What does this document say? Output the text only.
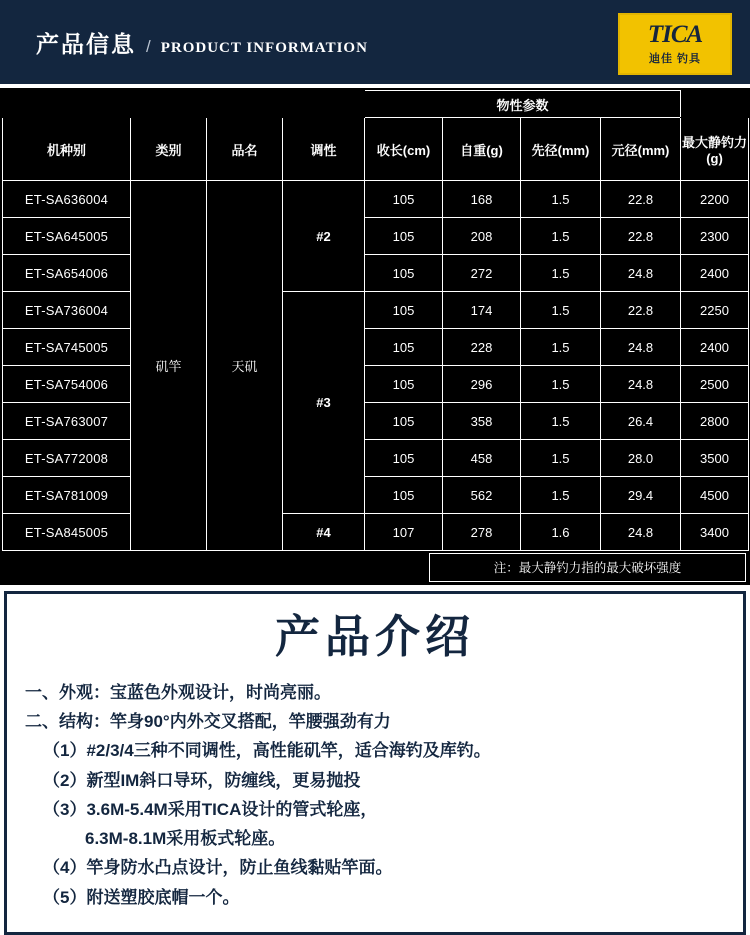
产品信息 / PRODUCT INFORMATION	TICA
迪佳 钓具
				物性参数				

机种别	类别	品名	调性	收长(cm)	自重(g)	先径(mm)	元径(mm)	最大静钓力(g)
ET-SA636004	矶竿	天矶	#2	105	168	1.5	22.8	2200
ET-SA645005				105	208	1.5	22.8	2300
ET-SA654006				105	272	1.5	24.8	2400
ET-SA736004			#3	105	174	1.5	22.8	2250
ET-SA745005				105	228	1.5	24.8	2400
ET-SA754006				105	296	1.5	24.8	2500
ET-SA763007				105	358	1.5	26.4	2800
ET-SA772008				105	458	1.5	28.0	3500
ET-SA781009				105	562	1.5	29.4	4500
ET-SA845005			#4	107	278	1.6	24.8	3400
注：最大静钓力指的最大破坏强度
产品介绍
一、外观：宝蓝色外观设计，时尚亮丽。
二、结构：竿身90°内外交叉搭配，竿腰强劲有力
（1）#2/3/4三种不同调性，高性能矶竿，适合海钓及库钓。
（2）新型IM斜口导环，防缠线，更易抛投
（3）3.6M-5.4M采用TICA设计的管式轮座，
6.3M-8.1M采用板式轮座。
（4）竿身防水凸点设计，防止鱼线黏贴竿面。
（5）附送塑胶底帽一个。
